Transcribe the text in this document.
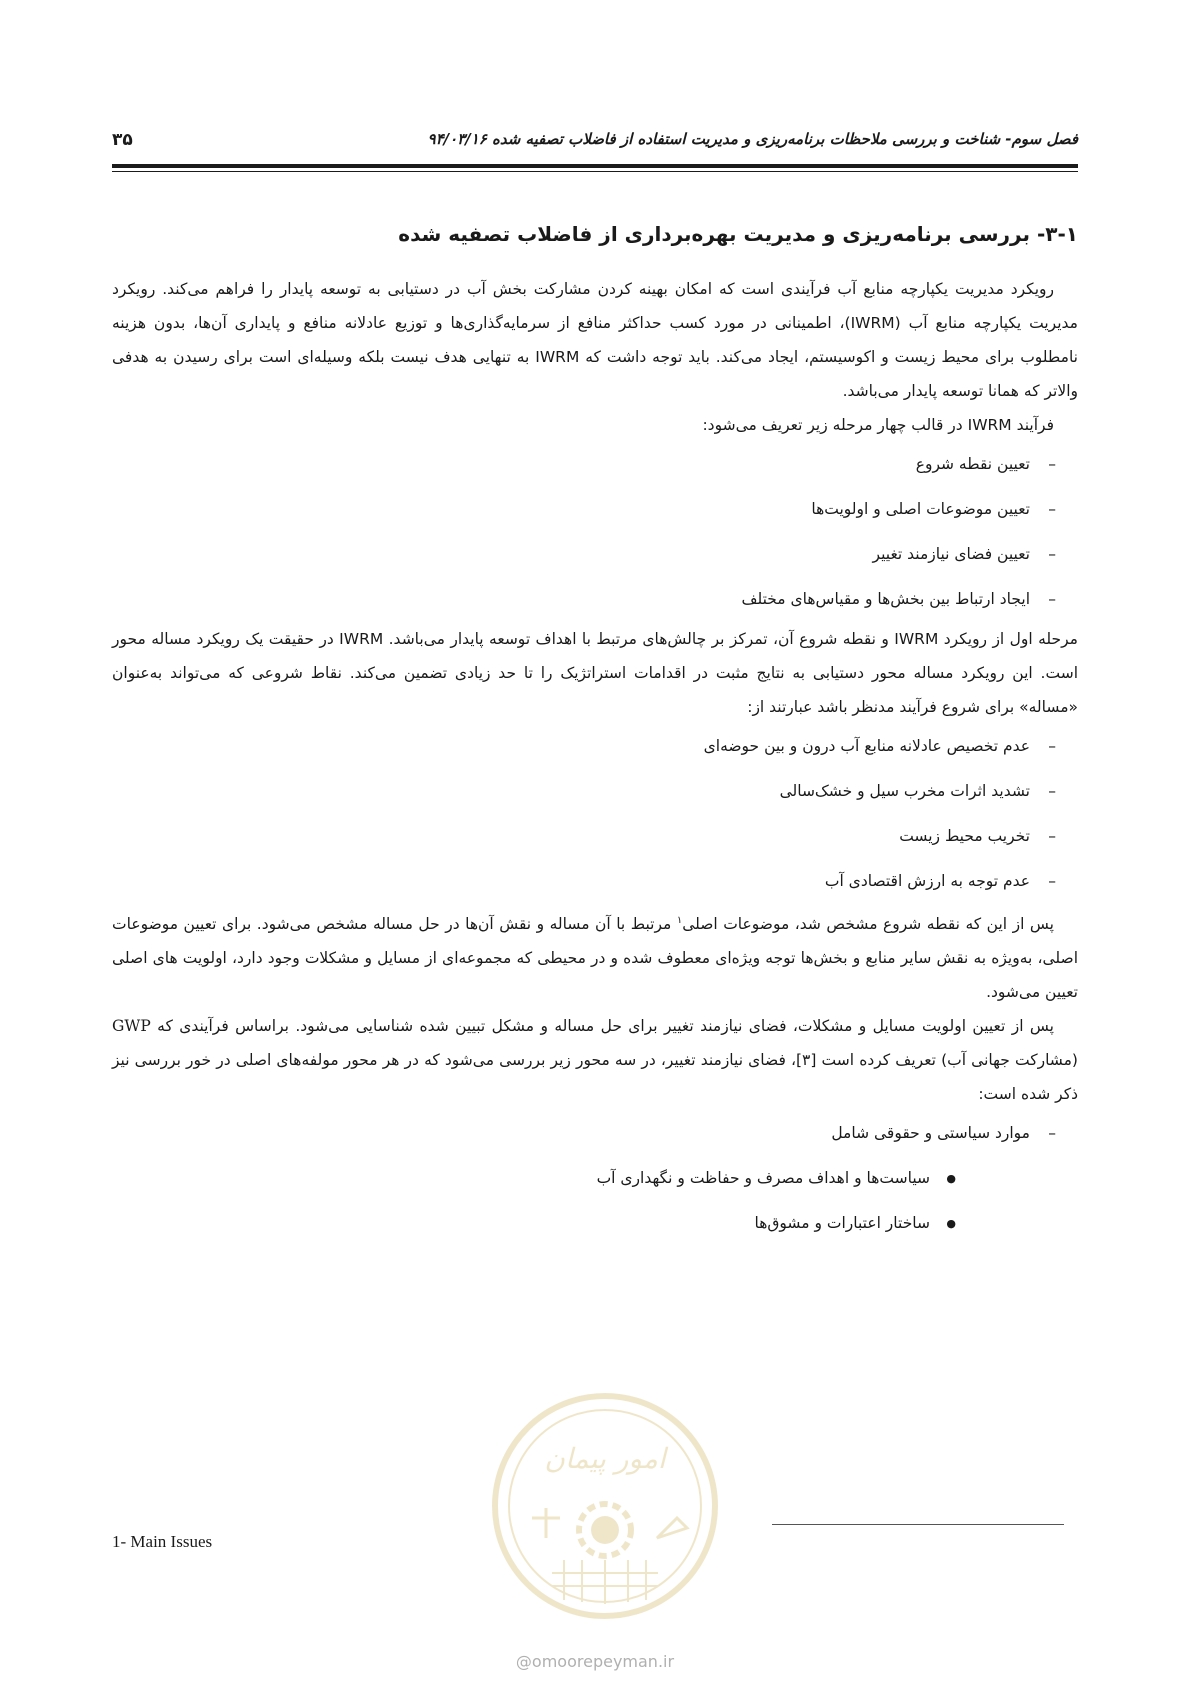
فصل سوم- شناخت و بررسی ملاحظات برنامه‌ریزی و مدیریت استفاده از فاضلاب تصفیه شده ۹۴/۰۳/۱۶
۳۵
۳-۱- بررسی برنامه‌ریزی و مدیریت بهره‌برداری از فاضلاب تصفیه شده

رویکرد مدیریت یکپارچه منابع آب فرآیندی است که امکان بهینه کردن مشارکت بخش آب در دستیابی به توسعه پایدار را فراهم می‌کند. رویکرد مدیریت یکپارچه منابع آب (IWRM)، اطمینانی در مورد کسب حداکثر منافع از سرمایه‌گذاری‌ها و توزیع عادلانه منافع و پایداری آن‌ها، بدون هزینه نامطلوب برای محیط زیست و اکوسیستم، ایجاد می‌کند. باید توجه داشت که IWRM به تنهایی هدف نیست بلکه وسیله‌ای است برای رسیدن به هدفی والاتر که همانا توسعه پایدار می‌باشد.

فرآیند IWRM در قالب چهار مرحله زیر تعریف می‌شود:

– تعیین نقطه شروع
– تعیین موضوعات اصلی و اولویت‌ها
– تعیین فضای نیازمند تغییر
– ایجاد ارتباط بین بخش‌ها و مقیاس‌های مختلف

مرحله اول از رویکرد IWRM و نقطه شروع آن، تمرکز بر چالش‌های مرتبط با اهداف توسعه پایدار می‌باشد. IWRM در حقیقت یک رویکرد مساله محور است. این رویکرد مساله محور دستیابی به نتایج مثبت در اقدامات استراتژیک را تا حد زیادی تضمین می‌کند. نقاط شروعی که می‌تواند به‌عنوان «مساله» برای شروع فرآیند مدنظر باشد عبارتند از:

– عدم تخصیص عادلانه منابع آب درون و بین حوضه‌ای
– تشدید اثرات مخرب سیل و خشک‌سالی
– تخریب محیط زیست
– عدم توجه به ارزش اقتصادی آب

پس از این که نقطه شروع مشخص شد، موضوعات اصلی$^۱$ مرتبط با آن مساله و نقش آن‌ها در حل مساله مشخص می‌شود. برای تعیین موضوعات اصلی، به‌ویژه به نقش سایر منابع و بخش‌ها توجه ویژه‌ای معطوف شده و در محیطی که مجموعه‌ای از مسایل و مشکلات وجود دارد، اولویت های اصلی تعیین می‌شود.

پس از تعیین اولویت مسایل و مشکلات، فضای نیازمند تغییر برای حل مساله و مشکل تبیین شده شناسایی می‌شود. براساس فرآیندی که GWP (مشارکت جهانی آب) تعریف کرده است [۳]، فضای نیازمند تغییر، در سه محور زیر بررسی می‌شود که در هر محور مولفه‌های اصلی در خور بررسی نیز ذکر شده است:

– موارد سیاستی و حقوقی شامل
● سیاست‌ها و اهداف مصرف و حفاظت و نگهداری آب
● ساختار اعتبارات و مشوق‌ها
1- Main Issues
امور پیمان
@omoorepeyman.ir
